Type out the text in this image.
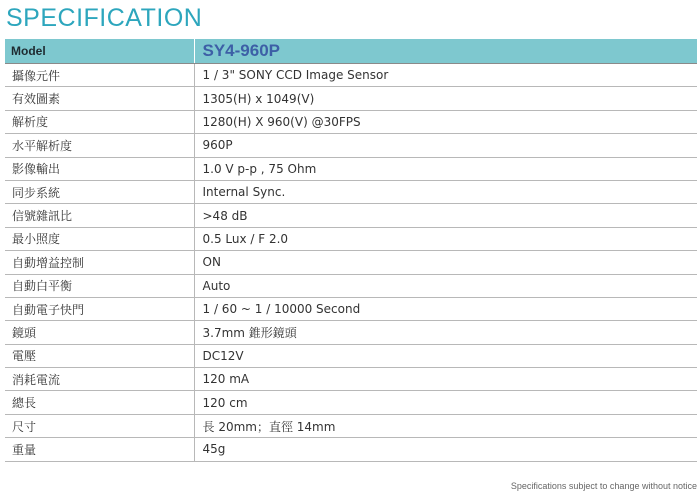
SPECIFICATION
Model	SY4-960P
攝像元件	1 / 3" SONY CCD Image Sensor
有效圖素	1305(H) x 1049(V)
解析度	1280(H) X 960(V) @30FPS
水平解析度	960P
影像輸出	1.0 V p-p , 75 Ohm
同步系統	Internal Sync.
信號雜訊比	>48 dB
最小照度	0.5 Lux / F 2.0
自動增益控制	ON
自動白平衡	Auto
自動電子快門	1 / 60 ~ 1 / 10000 Second
鏡頭	3.7mm 錐形鏡頭
電壓	DC12V
消耗電流	120 mA
總長	120 cm
尺寸	長 20mm；直徑 14mm
重量	45g
Specifications subject to change without notice
